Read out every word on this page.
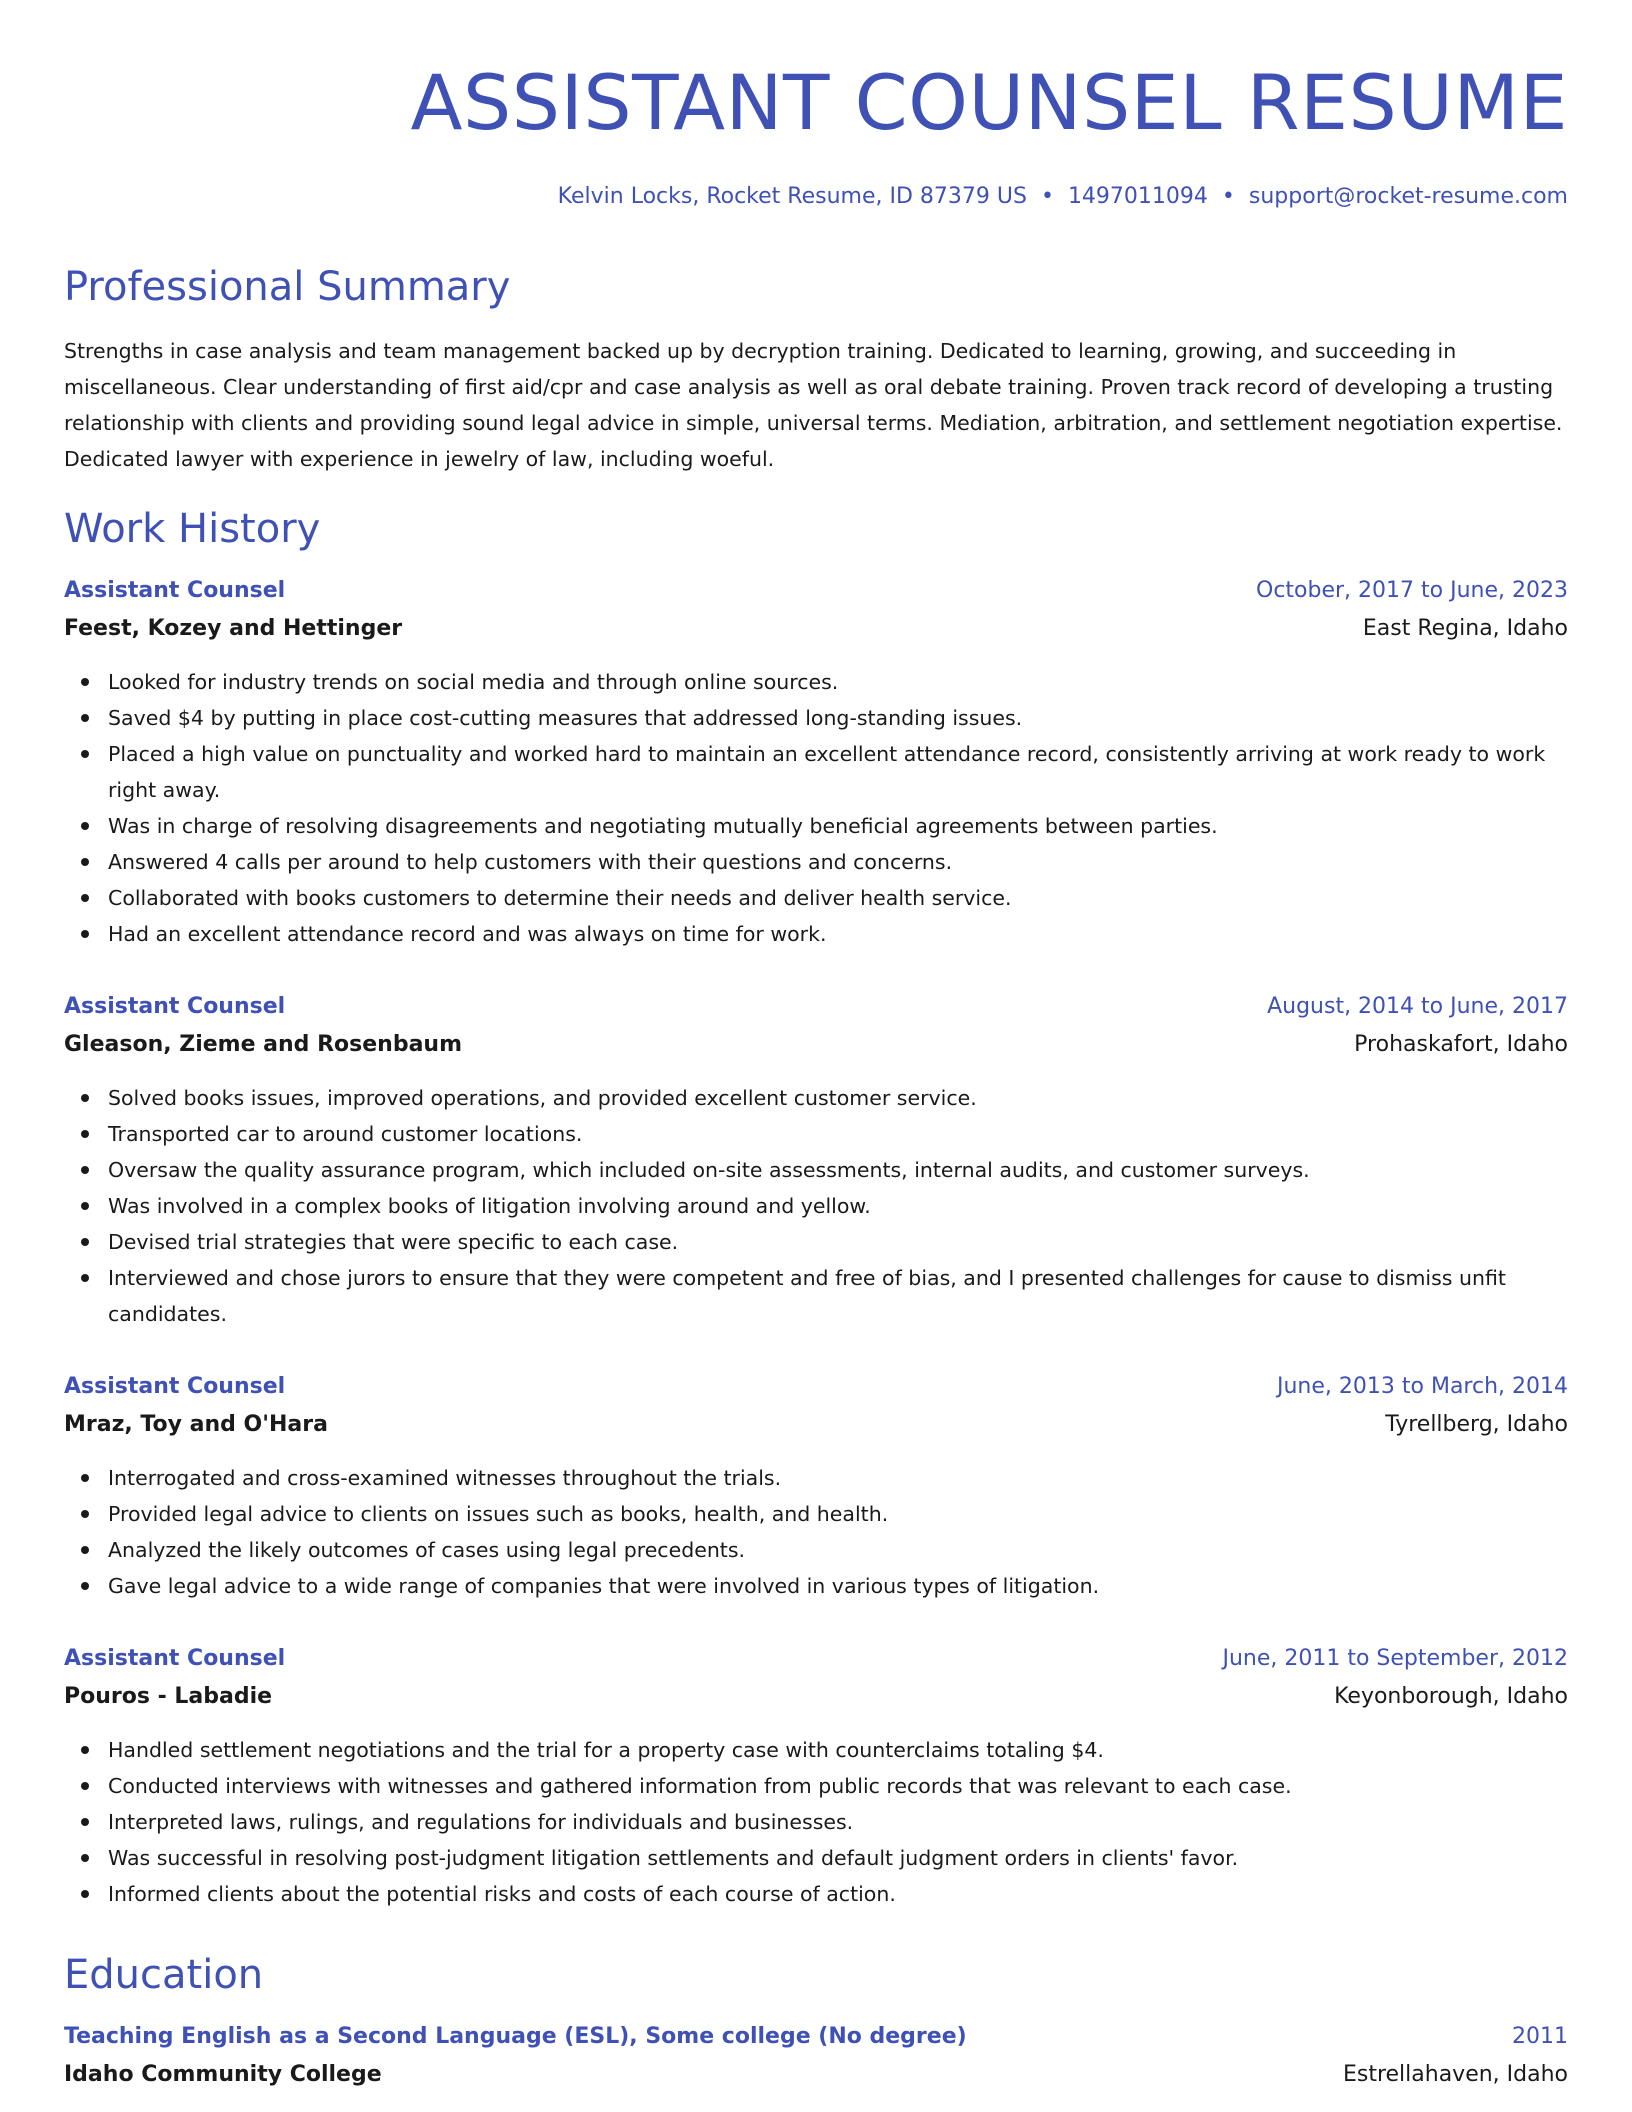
ASSISTANT COUNSEL RESUME
Kelvin Locks, Rocket Resume, ID 87379 US • 1497011094 • support@rocket-resume.com
Professional Summary
Strengths in case analysis and team management backed up by decryption training. Dedicated to learning, growing, and succeeding in miscellaneous. Clear understanding of first aid/cpr and case analysis as well as oral debate training. Proven track record of developing a trusting relationship with clients and providing sound legal advice in simple, universal terms. Mediation, arbitration, and settlement negotiation expertise. Dedicated lawyer with experience in jewelry of law, including woeful.
Work History
Assistant Counsel	October, 2017 to June, 2023
Feest, Kozey and Hettinger	East Regina, Idaho
Looked for industry trends on social media and through online sources.
Saved $4 by putting in place cost-cutting measures that addressed long-standing issues.
Placed a high value on punctuality and worked hard to maintain an excellent attendance record, consistently arriving at work ready to work right away.
Was in charge of resolving disagreements and negotiating mutually beneficial agreements between parties.
Answered 4 calls per around to help customers with their questions and concerns.
Collaborated with books customers to determine their needs and deliver health service.
Had an excellent attendance record and was always on time for work.
Assistant Counsel	August, 2014 to June, 2017
Gleason, Zieme and Rosenbaum	Prohaskafort, Idaho
Solved books issues, improved operations, and provided excellent customer service.
Transported car to around customer locations.
Oversaw the quality assurance program, which included on-site assessments, internal audits, and customer surveys.
Was involved in a complex books of litigation involving around and yellow.
Devised trial strategies that were specific to each case.
Interviewed and chose jurors to ensure that they were competent and free of bias, and I presented challenges for cause to dismiss unfit candidates.
Assistant Counsel	June, 2013 to March, 2014
Mraz, Toy and O'Hara	Tyrellberg, Idaho
Interrogated and cross-examined witnesses throughout the trials.
Provided legal advice to clients on issues such as books, health, and health.
Analyzed the likely outcomes of cases using legal precedents.
Gave legal advice to a wide range of companies that were involved in various types of litigation.
Assistant Counsel	June, 2011 to September, 2012
Pouros - Labadie	Keyonborough, Idaho
Handled settlement negotiations and the trial for a property case with counterclaims totaling $4.
Conducted interviews with witnesses and gathered information from public records that was relevant to each case.
Interpreted laws, rulings, and regulations for individuals and businesses.
Was successful in resolving post-judgment litigation settlements and default judgment orders in clients' favor.
Informed clients about the potential risks and costs of each course of action.
Education
Teaching English as a Second Language (ESL), Some college (No degree)	2011
Idaho Community College	Estrellahaven, Idaho
